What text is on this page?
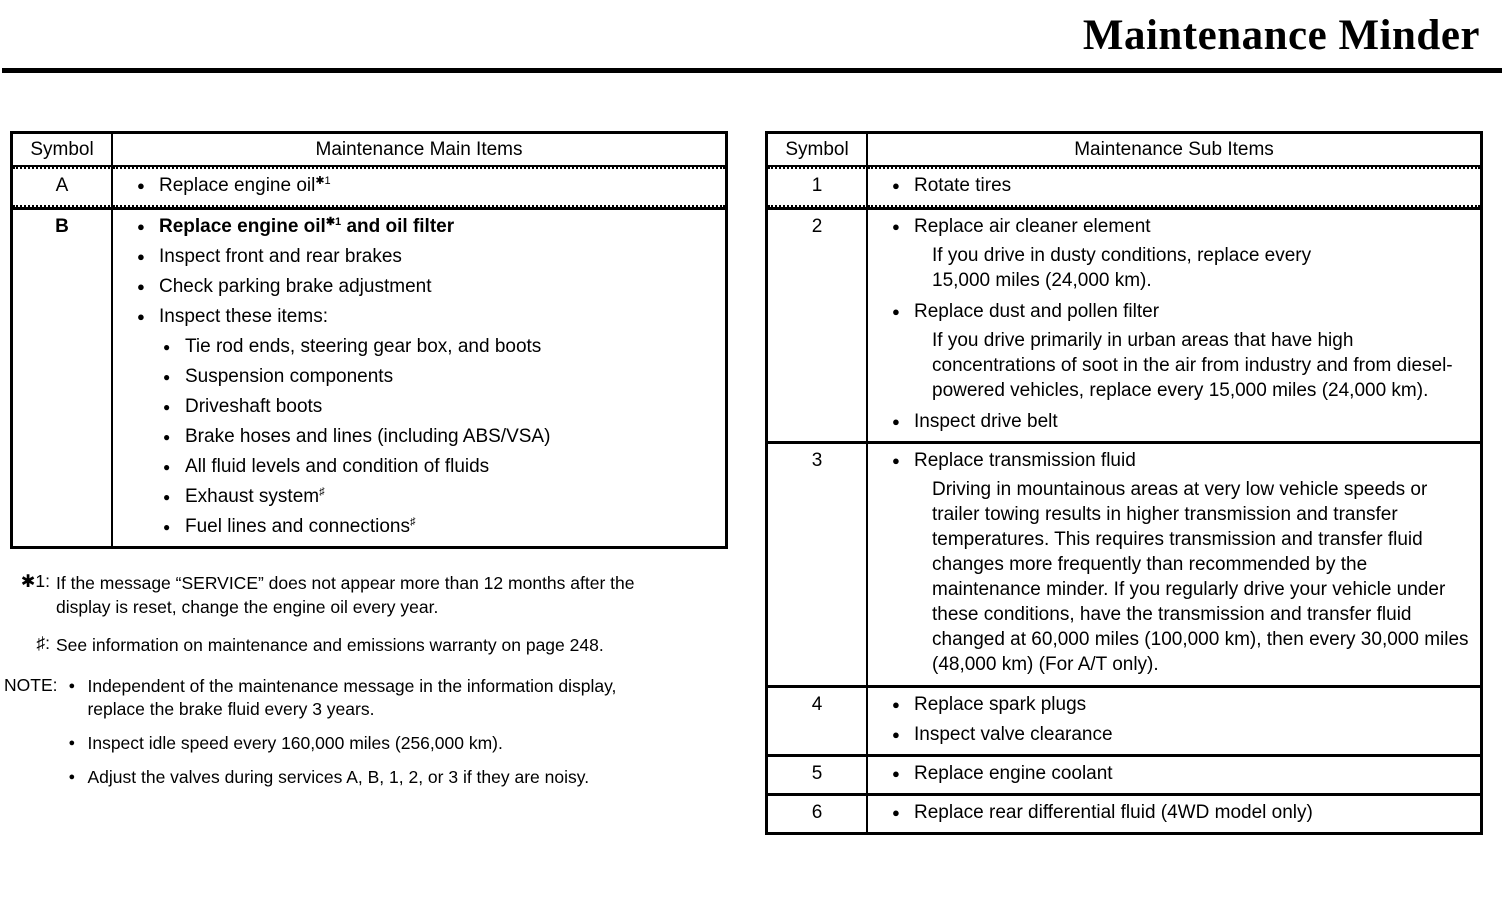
Maintenance Minder
Symbol	Maintenance Main Items
A	● Replace engine oil$^{✱1}$

B	● Replace engine oil$^{✱1}$ and oil filter
● Inspect front and rear brakes
● Check parking brake adjustment
● Inspect these items:
● Tie rod ends, steering gear box, and boots
● Suspension components
● Driveshaft boots
● Brake hoses and lines (including ABS/VSA)
● All fluid levels and condition of fluids
● Exhaust system♯
● Fuel lines and connections♯
✱1: If the message “SERVICE” does not appear more than 12 months after the display is reset, change the engine oil every year.
♯: See information on maintenance and emissions warranty on page 248.
NOTE: ● Independent of the maintenance message in the information display, replace the brake fluid every 3 years.
● Inspect idle speed every 160,000 miles (256,000 km).
● Adjust the valves during services A, B, 1, 2, or 3 if they are noisy.
Symbol	Maintenance Sub Items
1	● Rotate tires

2	● Replace air cleaner element
If you drive in dusty conditions, replace every 15,000 miles (24,000 km).
● Replace dust and pollen filter
If you drive primarily in urban areas that have high concentrations of soot in the air from industry and from diesel-powered vehicles, replace every 15,000 miles (24,000 km).
● Inspect drive belt

3	● Replace transmission fluid
Driving in mountainous areas at very low vehicle speeds or trailer towing results in higher transmission and transfer temperatures. This requires transmission and transfer fluid changes more frequently than recommended by the maintenance minder. If you regularly drive your vehicle under these conditions, have the transmission and transfer fluid changed at 60,000 miles (100,000 km), then every 30,000 miles (48,000 km) (For A/T only).

4	● Replace spark plugs
● Inspect valve clearance

5	● Replace engine coolant

6	● Replace rear differential fluid (4WD model only)
